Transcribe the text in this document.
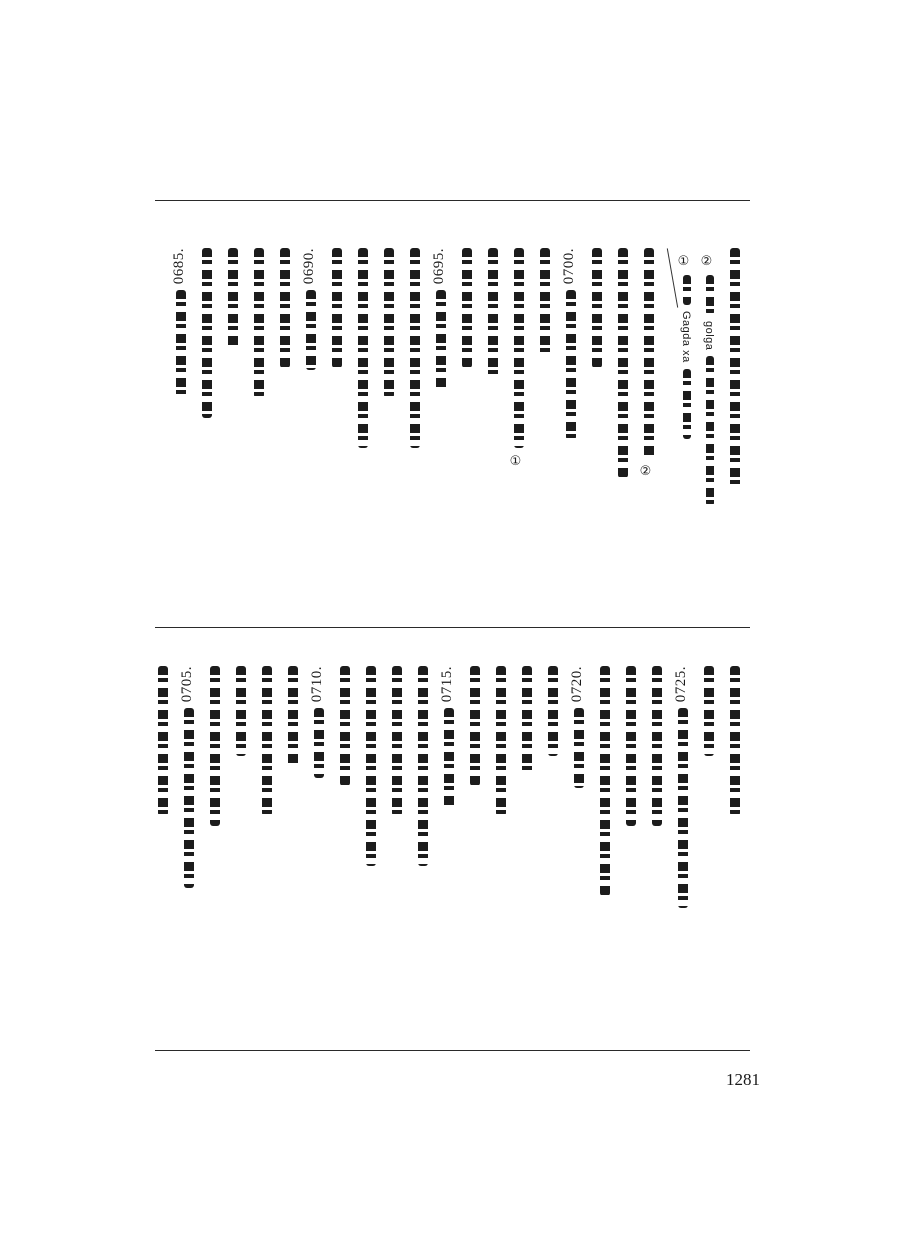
②
ɡolɡa
①
Gaɡda xa
②
0700.
①
0695.
0690.
0685.
0725.
0720.
0715.
0710.
0705.
1281
